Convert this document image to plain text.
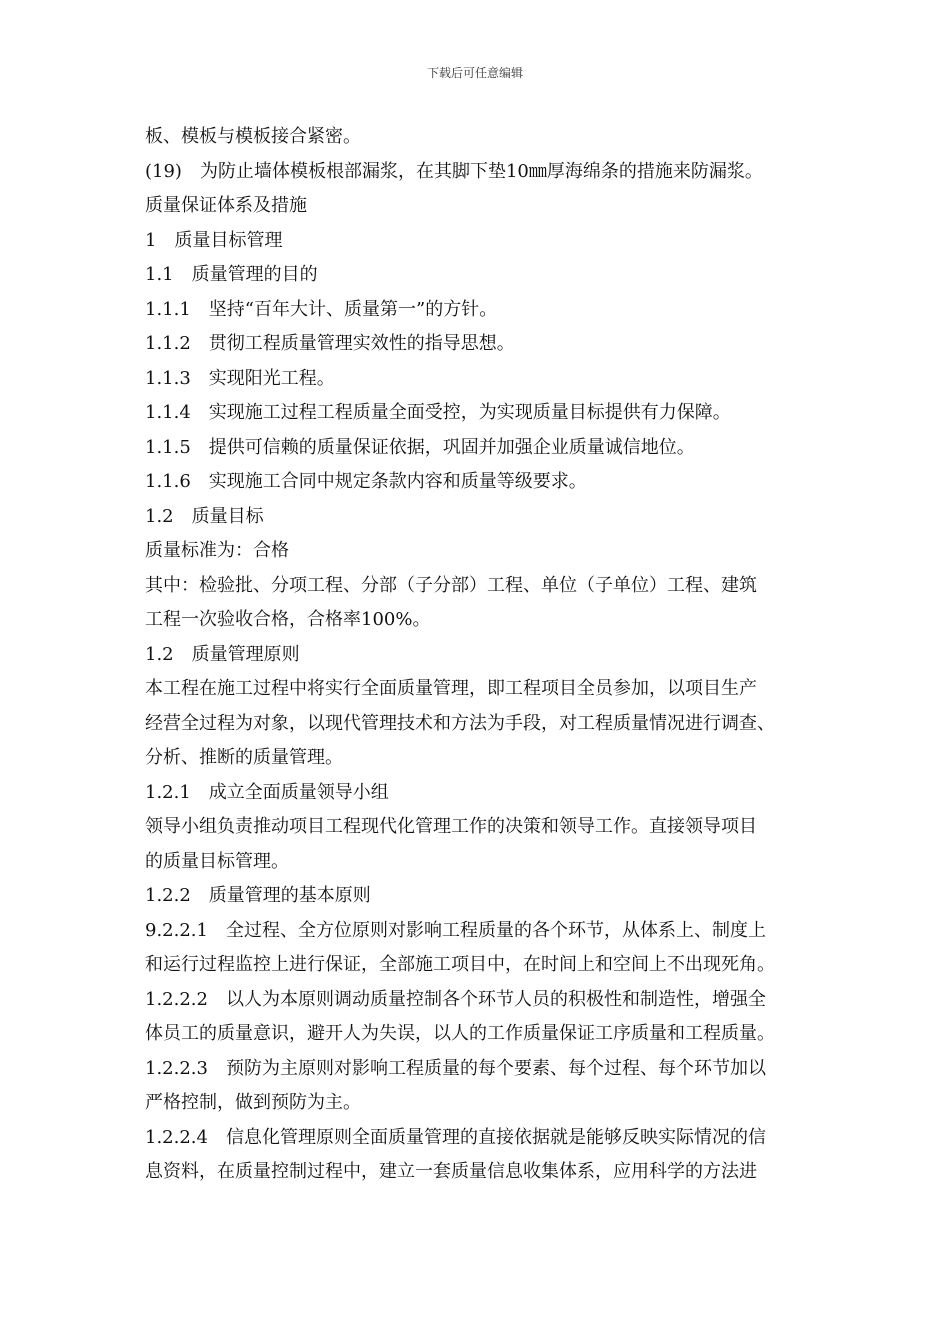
下载后可任意编辑
板、模板与模板接合紧密。
(19)　为防止墙体模板根部漏浆，在其脚下垫10㎜厚海绵条的措施来防漏浆。
质量保证体系及措施
1　质量目标管理
1.1　质量管理的目的
1.1.1　坚持“百年大计、质量第一”的方针。
1.1.2　贯彻工程质量管理实效性的指导思想。
1.1.3　实现阳光工程。
1.1.4　实现施工过程工程质量全面受控，为实现质量目标提供有力保障。
1.1.5　提供可信赖的质量保证依据，巩固并加强企业质量诚信地位。
1.1.6　实现施工合同中规定条款内容和质量等级要求。
1.2　质量目标
质量标准为：合格
其中：检验批、分项工程、分部（子分部）工程、单位（子单位）工程、建筑
工程一次验收合格，合格率100%。
1.2　质量管理原则
本工程在施工过程中将实行全面质量管理，即工程项目全员参加，以项目生产
经营全过程为对象，以现代管理技术和方法为手段，对工程质量情况进行调查、
分析、推断的质量管理。
1.2.1　成立全面质量领导小组
领导小组负责推动项目工程现代化管理工作的决策和领导工作。直接领导项目
的质量目标管理。
1.2.2　质量管理的基本原则
9.2.2.1　全过程、全方位原则对影响工程质量的各个环节，从体系上、制度上
和运行过程监控上进行保证，全部施工项目中，在时间上和空间上不出现死角。
1.2.2.2　以人为本原则调动质量控制各个环节人员的积极性和制造性，增强全
体员工的质量意识，避开人为失误，以人的工作质量保证工序质量和工程质量。
1.2.2.3　预防为主原则对影响工程质量的每个要素、每个过程、每个环节加以
严格控制，做到预防为主。
1.2.2.4　信息化管理原则全面质量管理的直接依据就是能够反映实际情况的信
息资料，在质量控制过程中，建立一套质量信息收集体系，应用科学的方法进
